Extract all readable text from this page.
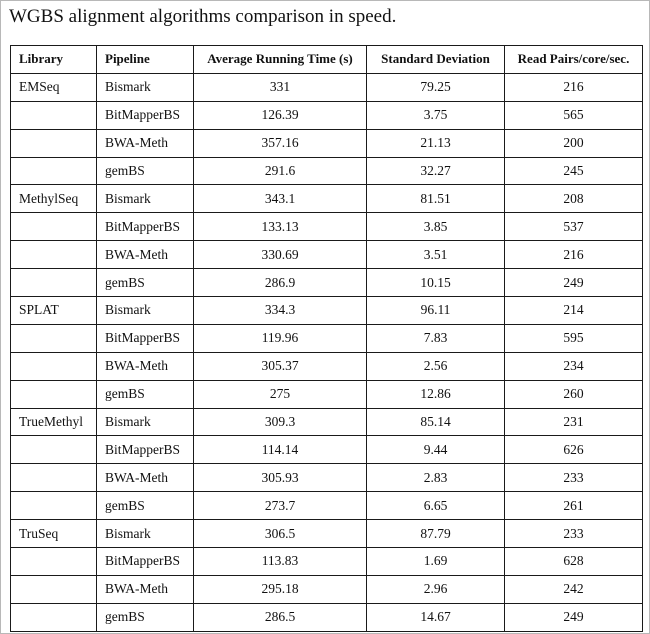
WGBS alignment algorithms comparison in speed.
Library	Pipeline	Average Running Time (s)	Standard Deviation	Read Pairs/core/sec.
EMSeq	Bismark	331	79.25	216
	BitMapperBS	126.39	3.75	565
	BWA-Meth	357.16	21.13	200
	gemBS	291.6	32.27	245
MethylSeq	Bismark	343.1	81.51	208
	BitMapperBS	133.13	3.85	537
	BWA-Meth	330.69	3.51	216
	gemBS	286.9	10.15	249
SPLAT	Bismark	334.3	96.11	214
	BitMapperBS	119.96	7.83	595
	BWA-Meth	305.37	2.56	234
	gemBS	275	12.86	260
TrueMethyl	Bismark	309.3	85.14	231
	BitMapperBS	114.14	9.44	626
	BWA-Meth	305.93	2.83	233
	gemBS	273.7	6.65	261
TruSeq	Bismark	306.5	87.79	233
	BitMapperBS	113.83	1.69	628
	BWA-Meth	295.18	2.96	242
	gemBS	286.5	14.67	249
